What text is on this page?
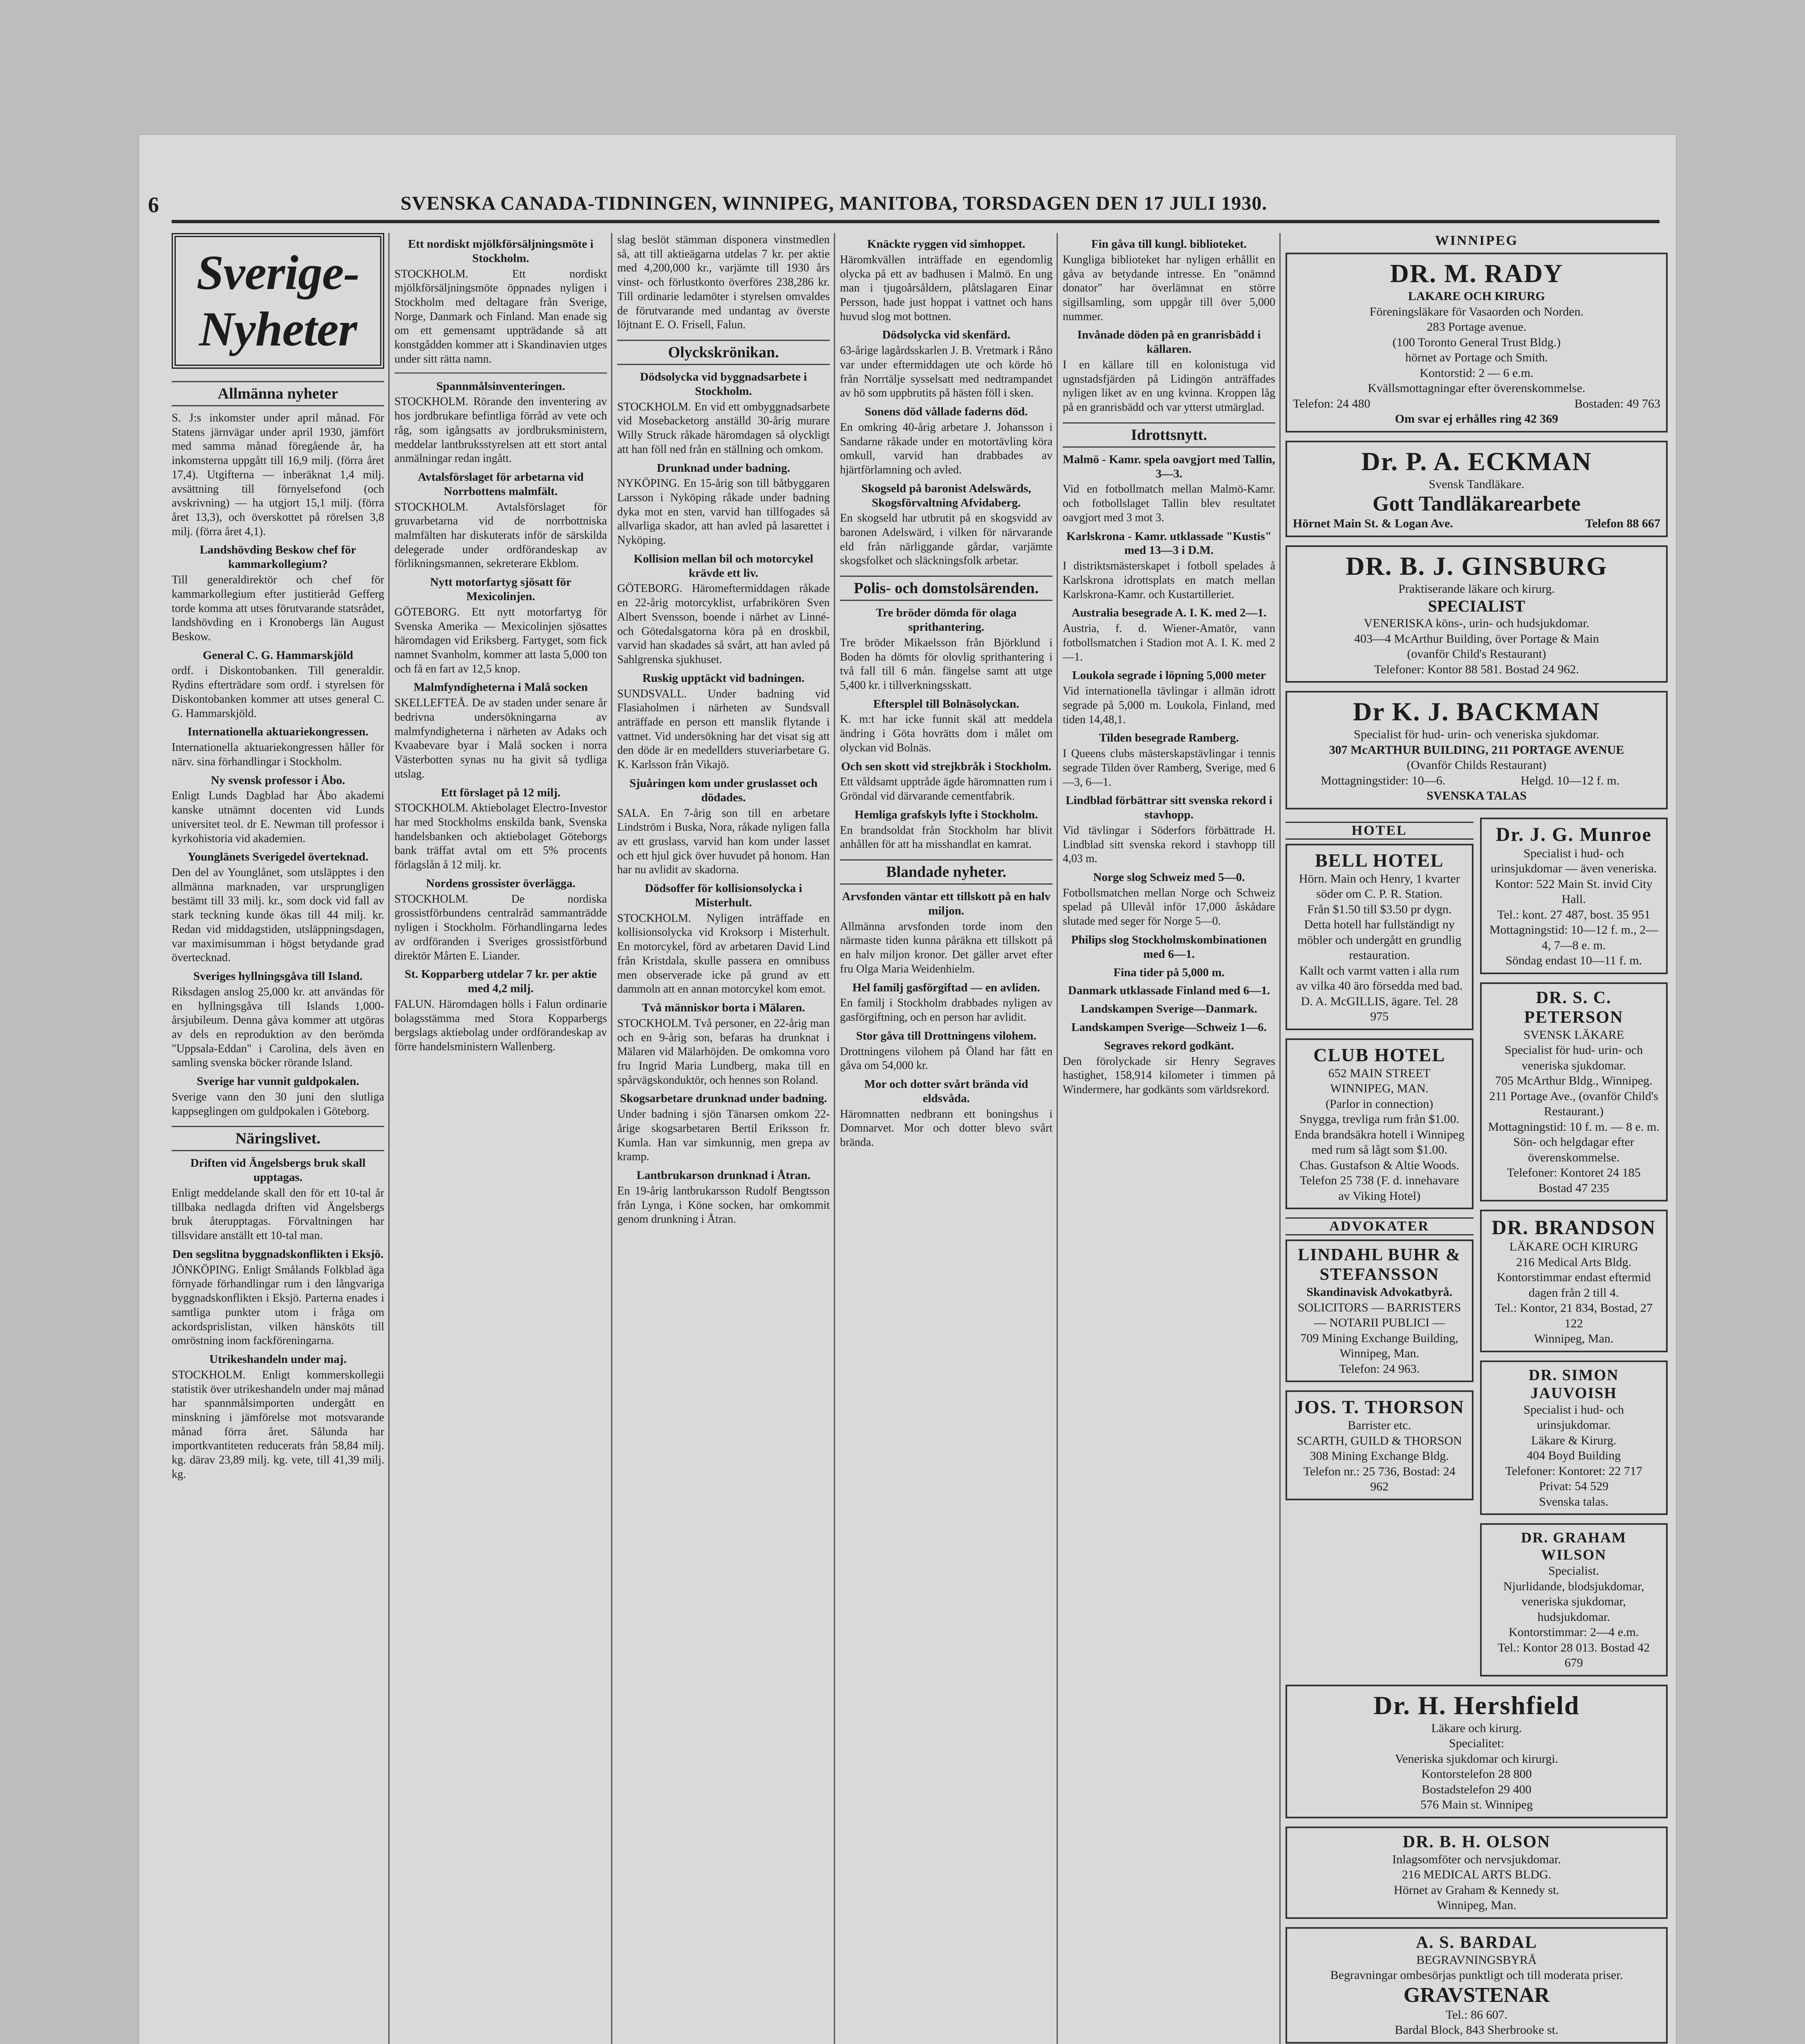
6	SVENSKA CANADA-TIDNINGEN, WINNIPEG, MANITOBA, TORSDAGEN DEN 17 JULI 1930.
Sverige-Nyheter
Allmänna nyheter

S. J:s inkomster under april månad. För Statens järnvägar under april 1930, jämfört med samma månad föregående år, ha inkomsterna uppgått till 16,9 milj. (förra året 17,4). Utgifterna — inberäknat 1,4 milj. avsättning till förnyelsefond (och avskrivning) — ha utgjort 15,1 milj. (förra året 13,3), och överskottet på rörelsen 3,8 milj. (förra året 4,1).

Landshövding Beskow chef för kammarkollegium?

Till generaldirektör och chef för kammarkollegium efter justitieråd Gefferg torde komma att utses förutvarande statsrådet, landshövding en i Kronobergs län August Beskow.

General C. G. Hammarskjöld

ordf. i Diskontobanken. Till generaldir. Rydins efterträdare som ordf. i styrelsen för Diskontobanken kommer att utses general C. G. Hammarskjöld.

Internationella aktuariekongressen.

Internationella aktuariekongressen håller för närv. sina förhandlingar i Stockholm.

Ny svensk professor i Åbo.

Enligt Lunds Dagblad har Åbo akademi kanske utnämnt docenten vid Lunds universitet teol. dr E. Newman till professor i kyrkohistoria vid akademien.

Younglänets Sverigedel överteknad.

Den del av Younglånet, som utsläpptes i den allmänna marknaden, var ursprungligen bestämt till 33 milj. kr., som dock vid fall av stark teckning kunde ökas till 44 milj. kr. Redan vid middagstiden, utsläppningsdagen, var maximisumman i högst betydande grad övertecknad.

Sveriges hyllningsgåva till Island.

Riksdagen anslog 25,000 kr. att användas för en hyllningsgåva till Islands 1,000-årsjubileum. Denna gåva kommer att utgöras av dels en reproduktion av den berömda "Uppsala-Eddan" i Carolina, dels även en samling svenska böcker rörande Island.

Sverige har vunnit guldpokalen.

Sverige vann den 30 juni den slutliga kappseglingen om guldpokalen i Göteborg.

Näringslivet.
Driften vid Ängelsbergs bruk skall upptagas.

Enligt meddelande skall den för ett 10-tal år tillbaka nedlagda driften vid Ängelsbergs bruk återupptagas. Förvaltningen har tillsvidare anställt ett 10-tal man.

Den segslitna byggnadskonflikten i Eksjö.

JÖNKÖPING. Enligt Smålands Folkblad äga förnyade förhandlingar rum i den långvariga byggnadskonflikten i Eksjö. Parterna enades i samtliga punkter utom i fråga om ackordsprislistan, vilken hänsköts till omröstning inom fackföreningarna.

Utrikeshandeln under maj.

STOCKHOLM. Enligt kommerskollegii statistik över utrikeshandeln under maj månad har spannmålsimporten undergått en minskning i jämförelse mot motsvarande månad förra året. Sålunda har importkvantiteten reducerats från 58,84 milj. kg. därav 23,89 milj. kg. vete, till 41,39 milj. kg.

Ett nordiskt mjölkförsäljningsmöte i Stockholm.

STOCKHOLM. Ett nordiskt mjölkförsäljningsmöte öppnades nyligen i Stockholm med deltagare från Sverige, Norge, Danmark och Finland. Man enade sig om ett gemensamt uppträdande så att konstgådden kommer att i Skandinavien utges under sitt rätta namn.

Spannmålsinventeringen.

STOCKHOLM. Rörande den inventering av hos jordbrukare befintliga förråd av vete och råg, som igångsatts av jordbruksministern, meddelar lantbruksstyrelsen att ett stort antal anmälningar redan ingått.

Avtalsförslaget för arbetarna vid Norrbottens malmfält.

STOCKHOLM. Avtalsförslaget för gruvarbetarna vid de norrbottniska malmfälten har diskuterats inför de särskilda delegerade under ordförandeskap av förlikningsmannen, sekreterare Ekblom.

Nytt motorfartyg sjösatt för Mexicolinjen.

GÖTEBORG. Ett nytt motorfartyg för Svenska Amerika — Mexicolinjen sjösattes häromdagen vid Eriksberg. Fartyget, som fick namnet Svanholm, kommer att lasta 5,000 ton och få en fart av 12,5 knop.

Malmfyndigheterna i Malå socken

SKELLEFTEÅ. De av staden under senare år bedrivna undersökningarna av malmfyndigheterna i närheten av Adaks och Kvaabevare byar i Malå socken i norra Västerbotten synas nu ha givit så tydliga utslag.

Ett förslaget på 12 milj.

STOCKHOLM. Aktiebolaget Electro-Investor har med Stockholms enskilda bank, Svenska handelsbanken och aktiebolaget Göteborgs bank träffat avtal om ett 5% procents förlagslån å 12 milj. kr.

Nordens grossister överläggа.

STOCKHOLM. De nordiska grossistförbundens centralråd sammanträdde nyligen i Stockholm. Förhandlingarna ledes av ordföranden i Sveriges grossistförbund direktör Mårten E. Liander.

St. Kopparberg utdelar 7 kr. per aktie med 4,2 milj.

FALUN. Häromdagen hölls i Falun ordinarie bolagsstämma med Stora Kopparbergs bergslags aktiebolag under ordförandeskap av förre handelsministern Wallenberg.

slag beslöt stämman disponera vinstmedlen så, att till aktieägarna utdelas 7 kr. per aktie med 4,200,000 kr., varjämte till 1930 års vinst- och förlustkonto överföres 238,286 kr. Till ordinarie ledamöter i styrelsen omvaldes de förutvarande med undantag av överste löjtnant E. O. Frisell, Falun.

Olyckskrönikan.
Dödsolycka vid byggnadsarbete i Stockholm.

STOCKHOLM. En vid ett ombyggnadsarbete vid Mosebacketorg anställd 30-årig murare Willy Struck råkade häromdagen så olyckligt att han föll ned från en ställning och omkom.

Drunknad under badning.

NYKÖPING. En 15-årig son till båtbyggaren Larsson i Nyköping råkade under badning dyka mot en sten, varvid han tillfogades så allvarliga skador, att han avled på lasarettet i Nyköping.

Kollision mellan bil och motorcykel krävde ett liv.

GÖTEBORG. Häromeftermiddagen råkade en 22-årig motorcyklist, urfabrikören Sven Albert Svensson, boende i närhet av Linné- och Götedalsgatorna köra på en droskbil, varvid han skadades så svårt, att han avled på Sahlgrenska sjukhuset.

Ruskig upptäckt vid badningen.

SUNDSVALL. Under badning vid Flasiaholmen i närheten av Sundsvall anträffade en person ett manslik flytande i vattnet. Vid undersökning har det visat sig att den döde är en medellders stuveriarbetare G. K. Karlsson från Vikajö.

Sjuåringen kom under gruslasset och dödades.

SALA. En 7-årig son till en arbetare Lindström i Buska, Nora, råkade nyligen falla av ett gruslass, varvid han kom under lasset och ett hjul gick över huvudet på honom. Han har nu avlidit av skadorna.

Dödsoffer för kollisionsolycka i Misterhult.

STOCKHOLM. Nyligen inträffade en kollisionsolycka vid Kroksorp i Misterhult. En motorcykel, förd av arbetaren David Lind från Kristdala, skulle passera en omnibuss men observerade icke på grund av ett dammoln att en annan motorcykel kom emot.

Två människor borta i Mälaren.

STOCKHOLM. Två personer, en 22-årig man och en 9-årig son, befaras ha drunknat i Mälaren vid Mälarhöjden. De omkomna voro fru Ingrid Maria Lundberg, maka till en spårvägskonduktör, och hennes son Roland.

Skogsarbetare drunknad under badning.

Under badning i sjön Tänarsen omkom 22-årige skogsarbetaren Bertil Eriksson fr. Kumla. Han var simkunnig, men grepa av kramp.

Lantbrukarson drunknad i Åtran.

En 19-årig lantbrukarsson Rudolf Bengtsson från Lynga, i Köne socken, har omkommit genom drunkning i Åtran.

Knäckte ryggen vid simhoppet.

Häromkvällen inträffade en egendomlig olycka på ett av badhusen i Malmö. En ung man i tjugoårsåldern, plåtslagaren Einar Persson, hade just hoppat i vattnet och hans huvud slog mot bottnen.

Dödsolycka vid skenfärd.

63-årige lagårdsskarlen J. B. Vretmark i Råno var under eftermiddagen ute och körde hö från Norrtälje sysselsatt med nedtrampandet av hö som uppbrutits på hästen föll i sken.

Sonens död vållade faderns död.

En omkring 40-årig arbetare J. Johansson i Sandarne råkade under en motortävling köra omkull, varvid han drabbades av hjärtförlamning och avled.

Skogseld på baronist Adelswärds, Skogsförvaltning Afvidaberg.

En skogseld har utbrutit på en skogsvidd av baronen Adelswärd, i vilken för närvarande eld från närliggande gårdar, varjämte skogsfolket och släckningsfolk arbetar.

Polis- och domstolsärenden.
Tre bröder dömda för olaga sprithantering.

Tre bröder Mikaelsson från Björklund i Boden ha dömts för olovlig sprithantering i två fall till 6 mån. fängelse samt att utge 5,400 kr. i tillverkningsskatt.

Eftersplel till Bolnäsolyckan.

K. m:t har icke funnit skäl att meddela ändring i Göta hovrätts dom i målet om olyckan vid Bolnäs.

Och sen skott vid strejkbråk i Stockholm.

Ett våldsamt upptråde ägde häromnatten rum i Gröndal vid därvarande cementfabrik.

Hemliga grafskyls lyfte i Stockholm.

En brandsoldat från Stockholm har blivit anhållen för att ha misshandlat en kamrat.

Blandade nyheter.
Arvsfonden väntar ett tillskott på en halv miljon.

Allmänna arvsfonden torde inom den närmaste tiden kunna påräkna ett tillskott på en halv miljon kronor. Det gäller arvet efter fru Olga Maria Weidenhielm.

Hel familj gasförgiftad — en avliden.

En familj i Stockholm drabbades nyligen av gasförgiftning, och en person har avlidit.

Stor gåva till Drottningens vilohem.

Drottningens vilohem på Öland har fått en gåva om 54,000 kr.

Mor och dotter svårt brända vid eldsvåda.

Häromnatten nedbrann ett boningshus i Domnarvet. Mor och dotter blevo svårt brända.

Fin gåva till kungl. biblioteket.

Kungliga biblioteket har nyligen erhållit en gåva av betydande intresse. En "onämnd donator" har överlämnat en större sigillsamling, som uppgår till över 5,000 nummer.

Invånade döden på en granrisbädd i källaren.

I en källare till en kolonistuga vid ugnstadsfjärden på Lidingön anträffades nyligen liket av en ung kvinna. Kroppen låg på en granrisbädd och var ytterst utmärglad.

Idrottsnytt.
Malmö - Kamr. spela oavgjort med Tallin, 3—3.

Vid en fotbollmatch mellan Malmö-Kamr. och fotbollslaget Tallin blev resultatet oavgjort med 3 mot 3.

Karlskrona - Kamr. utklassade "Kustis" med 13—3 i D.M.

I distriktsmästerskapet i fotboll spelades å Karlskrona idrottsplats en match mellan Karlskrona-Kamr. och Kustartilleriet.

Australia besegrade A. I. K. med 2—1.

Austria, f. d. Wiener-Amatör, vann fotbollsmatchen i Stadion mot A. I. K. med 2—1.

Loukola segrade i löpning 5,000 meter

Vid internationella tävlingar i allmän idrott segrade på 5,000 m. Loukola, Finland, med tiden 14,48,1.

Tilden besegrade Ramberg.

I Queens clubs mästerskapstävlingar i tennis segrade Tilden över Ramberg, Sverige, med 6—3, 6—1.

Lindblad förbättrar sitt svenska rekord i stavhopp.

Vid tävlingar i Söderfors förbättrade H. Lindblad sitt svenska rekord i stavhopp till 4,03 m.

Norge slog Schweiz med 5—0.

Fotbollsmatchen mellan Norge och Schweiz spelad på Ullevål inför 17,000 åskådare slutade med seger för Norge 5—0.

Philips slog Stockholmskombinationen med 6—1.
Fina tider på 5,000 m.
Danmark utklassade Finland med 6—1.
Landskampen Sverige—Danmark.
Landskampen Sverige—Schweiz 1—6.
Segraves rekord godkänt.

Den förolyckade sir Henry Segraves hastighet, 158,914 kilometer i timmen på Windermere, har godkänts som världsrekord.

WINNIPEG
DR. M. RADY
LAKARE OCH KIRURG
Föreningsläkare för Vasaorden och Norden.
283 Portage avenue.
(100 Toronto General Trust Bldg.)
hörnet av Portage och Smith.
Kontorstid: 2 — 6 e.m.
Kvällsmottagningar efter överenskommelse.
Telefon: 24 480	Bostaden: 49 763
Om svar ej erhålles ring 42 369
Dr. P. A. ECKMAN
Svensk Tandläkare.
Gott Tandläkarearbete
Hörnet Main St. & Logan Ave.	Telefon 88 667
DR. B. J. GINSBURG
Praktiserande läkare och kirurg.
SPECIALIST
VENERISKA köns-, urin- och hudsjukdomar.
403—4 McArthur Building, över Portage & Main
(ovanför Child's Restaurant)
Telefoner: Kontor 88 581. Bostad 24 962.
Dr K. J. BACKMAN
Specialist för hud- urin- och veneriska sjukdomar.
307 McARTHUR BUILDING, 211 PORTAGE AVENUE
(Ovanför Childs Restaurant)
Mottagningstider: 10—6.	Helgd. 10—12 f. m.
SVENSKA TALAS
HOTEL
BELL HOTEL
Hörn. Main och Henry, 1 kvarter söder om C. P. R. Station.
Från $1.50 till $3.50 pr dygn. Detta hotell har fullständigt ny möbler och undergått en grundlig restauration.
Kallt och varmt vatten i alla rum av vilka 40 äro försedda med bad.
D. A. McGILLIS, ägare. Tel. 28 975
CLUB HOTEL
652 MAIN STREET
WINNIPEG, MAN.
(Parlor in connection)
Snyggа, trevliga rum från $1.00.
Enda brandsäkra hotell i Winnipeg med rum så lågt som $1.00.
Chas. Gustafson & Altie Woods.
Telefon 25 738 (F. d. innehavare av Viking Hotel)
ADVOKATER
LINDAHL BUHR & STEFANSSON
Skandinavisk Advokatbyrå.
SOLICITORS — BARRISTERS
— NOTARII PUBLICI —
709 Mining Exchange Building, Winnipeg, Man.
Telefon: 24 963.
JOS. T. THORSON
Barrister etc.
SCARTH, GUILD & THORSON
308 Mining Exchange Bldg.
Telefon nr.: 25 736, Bostad: 24 962
Dr. J. G. Munroe
Specialist i hud- och urinsjukdomar — även veneriska.
Kontor: 522 Main St. invid City Hall.
Tel.: kont. 27 487, bost. 35 951
Mottagningstid: 10—12 f. m., 2—4, 7—8 e. m.
Söndag endast 10—11 f. m.
DR. S. C. PETERSON
SVENSK LÄKARE
Specialist för hud- urin- och veneriska sjukdomar.
705 McArthur Bldg., Winnipeg.
211 Portage Ave., (ovanför Child's Restaurant.)
Mottagningstid: 10 f. m. — 8 e. m.
Sön- och helgdagar efter överenskommelse.
Telefoner: Kontoret 24 185
Bostad 47 235
DR. BRANDSON
LÄKARE OCH KIRURG
216 Medical Arts Bldg.
Kontorstimmar endast eftermid dagen från 2 till 4.
Tel.: Kontor, 21 834, Bostad, 27 122
Winnipeg, Man.
DR. SIMON JAUVOISH
Specialist i hud- och urinsjukdomar.
Läkare & Kirurg.
404 Boyd Building
Telefoner: Kontoret: 22 717
Privat: 54 529
Svenska talas.
DR. GRAHAM WILSON
Specialist.
Njurlidande, blodsjukdomar, veneriska sjukdomar, hudsjukdomar.
Kontorstimmar: 2—4 e.m.
Tel.: Kontor 28 013. Bostad 42 679
Dr. H. Hershfield
Läkare och kirurg.
Specialitet:
Veneriska sjukdomar och kirurgi.
Kontorstelefon 28 800
Bostadstelefon 29 400
576 Main st. Winnipeg
DR. B. H. OLSON
Inlagsomföter och nervsjukdomar.
216 MEDICAL ARTS BLDG.
Hörnet av Graham & Kennedy st.
Winnipeg, Man.
A. S. BARDAL
BEGRAVNINGSBYRÅ
Begravningar ombesörjas punktligt och till moderata priser.
GRAVSTENAR
Tel.: 86 607.
Bardal Block, 843 Sherbrooke st.
